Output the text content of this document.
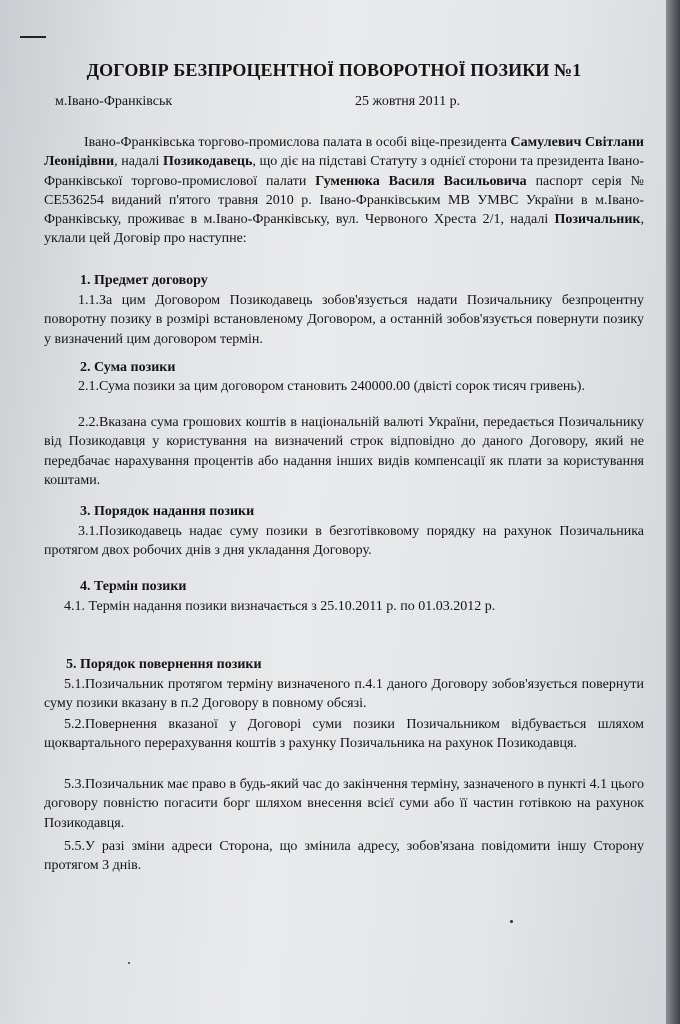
ДОГОВІР БЕЗПРОЦЕНТНОЇ ПОВОРОТНОЇ ПОЗИКИ №1
м.Івано-Франківськ	25 жовтня 2011 р.

Івано-Франківська торгово-промислова палата в особі віце-президента Самулевич Світлани Леонідівни, надалі Позикодавець, що діє на підставі Статуту з однієї сторони та президента Івано-Франківської торгово-промислової палати Гуменюка Василя Васильовича паспорт серія № СЕ536254 виданий п'ятого травня 2010 р. Івано-Франківським МВ УМВС України в м.Івано-Франківську, проживає в м.Івано-Франківську, вул. Червоного Хреста 2/1, надалі Позичальник, уклали цей Договір про наступне:

1. Предмет договору

1.1.За цим Договором Позикодавець зобов'язується надати Позичальнику безпроцентну поворотну позику в розмірі встановленому Договором, а останній зобов'язується повернути позику у визначений цим договором термін.

2. Сума позики

2.1.Сума позики за цим договором становить 240000.00 (двісті сорок тисяч гривень).

2.2.Вказана сума грошових коштів в національній валюті України, передається Позичальнику від Позикодавця у користування на визначений строк відповідно до даного Договору, який не передбачає нарахування процентів або надання інших видів компенсації як плати за користування коштами.

3. Порядок надання позики

3.1.Позикодавець надає суму позики в безготівковому порядку на рахунок Позичальника протягом двох робочих днів з дня укладання Договору.

4. Термін позики

4.1. Термін надання позики визначається з 25.10.2011 р. по 01.03.2012 р.

5. Порядок повернення позики

5.1.Позичальник протягом терміну визначеного п.4.1 даного Договору зобов'язується повернути суму позики вказану в п.2 Договору в повному обсязі.

5.2.Повернення вказаної у Договорі суми позики Позичальником відбувається шляхом щоквартального перерахування коштів з рахунку Позичальника на рахунок Позикодавця.

5.3.Позичальник має право в будь-який час до закінчення терміну, зазначеного в пункті 4.1 цього договору повністю погасити борг шляхом внесення всієї суми або її частин готівкою на рахунок Позикодавця.

5.5.У разі зміни адреси Сторона, що змінила адресу, зобов'язана повідомити іншу Сторону протягом 3 днів.
